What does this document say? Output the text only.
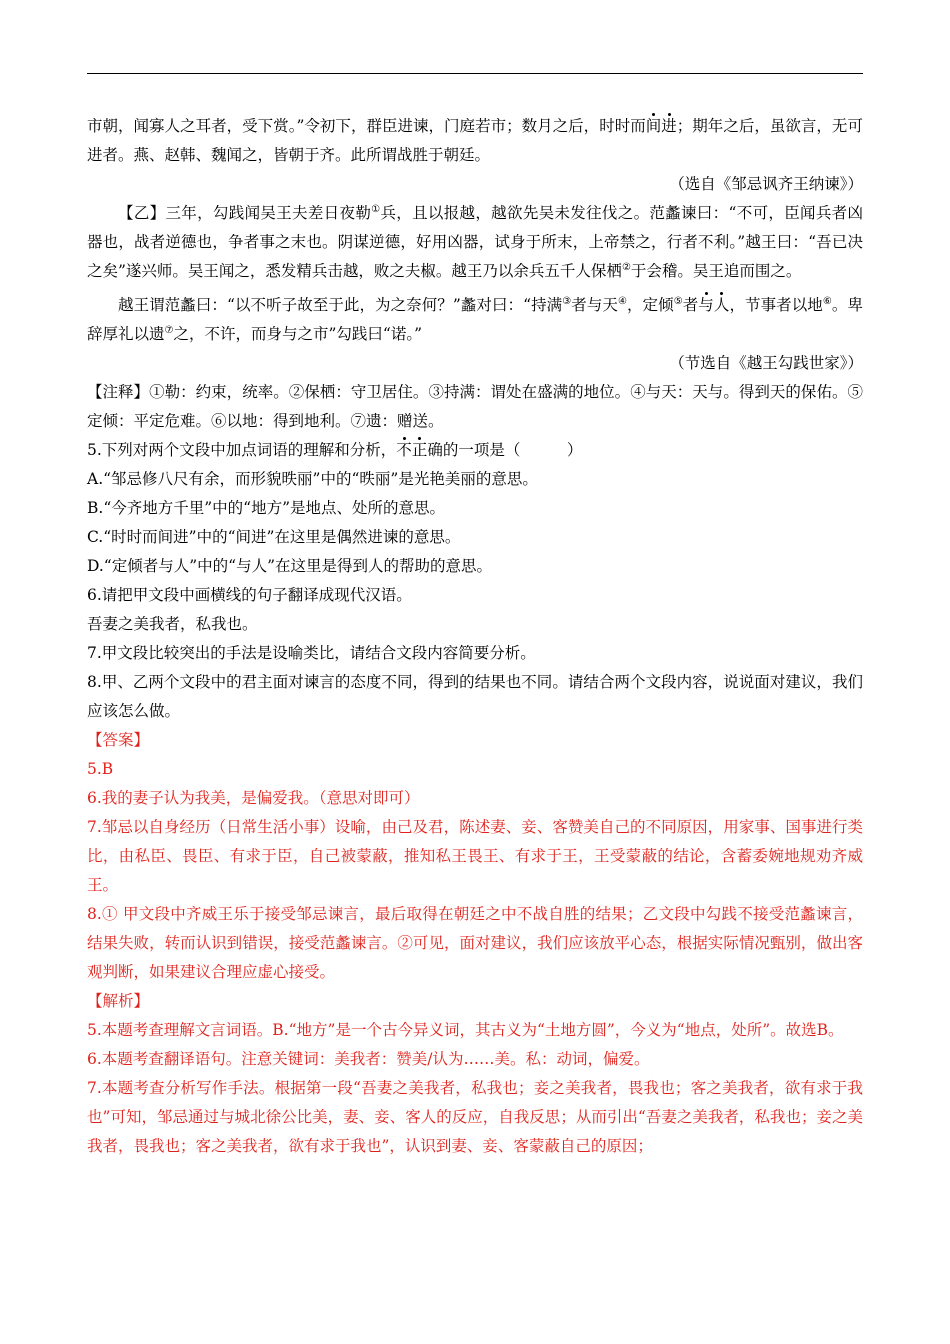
市朝，闻寡人之耳者，受下赏。”令初下，群臣进谏，门庭若市；数月之后，时时而间进；期年之后，虽欲言，无可进者。燕、赵韩、魏闻之，皆朝于齐。此所谓战胜于朝廷。

（选自《邹忌讽齐王纳谏》）

【乙】三年，勾践闻吴王夫差日夜勒①兵，且以报越，越欲先吴未发往伐之。范蠡谏曰：“不可，臣闻兵者凶器也，战者逆德也，争者事之末也。阴谋逆德，好用凶器，试身于所末，上帝禁之，行者不利。”越王曰：“吾已决之矣”遂兴师。吴王闻之，悉发精兵击越，败之夫椒。越王乃以余兵五千人保栖②于会稽。吴王追而围之。

越王谓范蠡曰：“以不听子故至于此，为之奈何？”蠡对曰：“持满③者与天④，定倾⑤者与人，节事者以地⑥。卑辞厚礼以遗⑦之，不许，而身与之市”勾践曰“诺。”

（节选自《越王勾践世家》）

【注释】①勒：约束，统率。②保栖：守卫居住。③持满：谓处在盛满的地位。④与天：天与。得到天的保佑。⑤定倾：平定危难。⑥以地：得到地利。⑦遗：赠送。

5.下列对两个文段中加点词语的理解和分析，不正确的一项是（　　　）

A.“邹忌修八尺有余，而形貌昳丽”中的“昳丽”是光艳美丽的意思。

B.“今齐地方千里”中的“地方”是地点、处所的意思。

C.“时时而间进”中的“间进”在这里是偶然进谏的意思。

D.“定倾者与人”中的“与人”在这里是得到人的帮助的意思。

6.请把甲文段中画横线的句子翻译成现代汉语。

吾妻之美我者，私我也。

7.甲文段比较突出的手法是设喻类比，请结合文段内容简要分析。

8.甲、乙两个文段中的君主面对谏言的态度不同，得到的结果也不同。请结合两个文段内容，说说面对建议，我们应该怎么做。

【答案】

5.B

6.我的妻子认为我美，是偏爱我。（意思对即可）

7.邹忌以自身经历（日常生活小事）设喻，由己及君，陈述妻、妾、客赞美自己的不同原因，用家事、国事进行类比，由私臣、畏臣、有求于臣，自己被蒙蔽，推知私王畏王、有求于王，王受蒙蔽的结论，含蓄委婉地规劝齐威王。

8.① 甲文段中齐威王乐于接受邹忌谏言，最后取得在朝廷之中不战自胜的结果；乙文段中勾践不接受范蠡谏言，结果失败，转而认识到错误，接受范蠡谏言。②可见，面对建议，我们应该放平心态，根据实际情况甄别，做出客观判断，如果建议合理应虚心接受。

【解析】

5.本题考查理解文言词语。B.“地方”是一个古今异义词，其古义为“土地方圆”，今义为“地点，处所”。故选B。

6.本题考查翻译语句。注意关键词：美我者：赞美/认为……美。私：动词，偏爱。

7.本题考查分析写作手法。根据第一段“吾妻之美我者，私我也；妾之美我者，畏我也；客之美我者，欲有求于我也”可知，邹忌通过与城北徐公比美，妻、妾、客人的反应，自我反思；从而引出“吾妻之美我者，私我也；妾之美我者，畏我也；客之美我者，欲有求于我也”，认识到妻、妾、客蒙蔽自己的原因；
